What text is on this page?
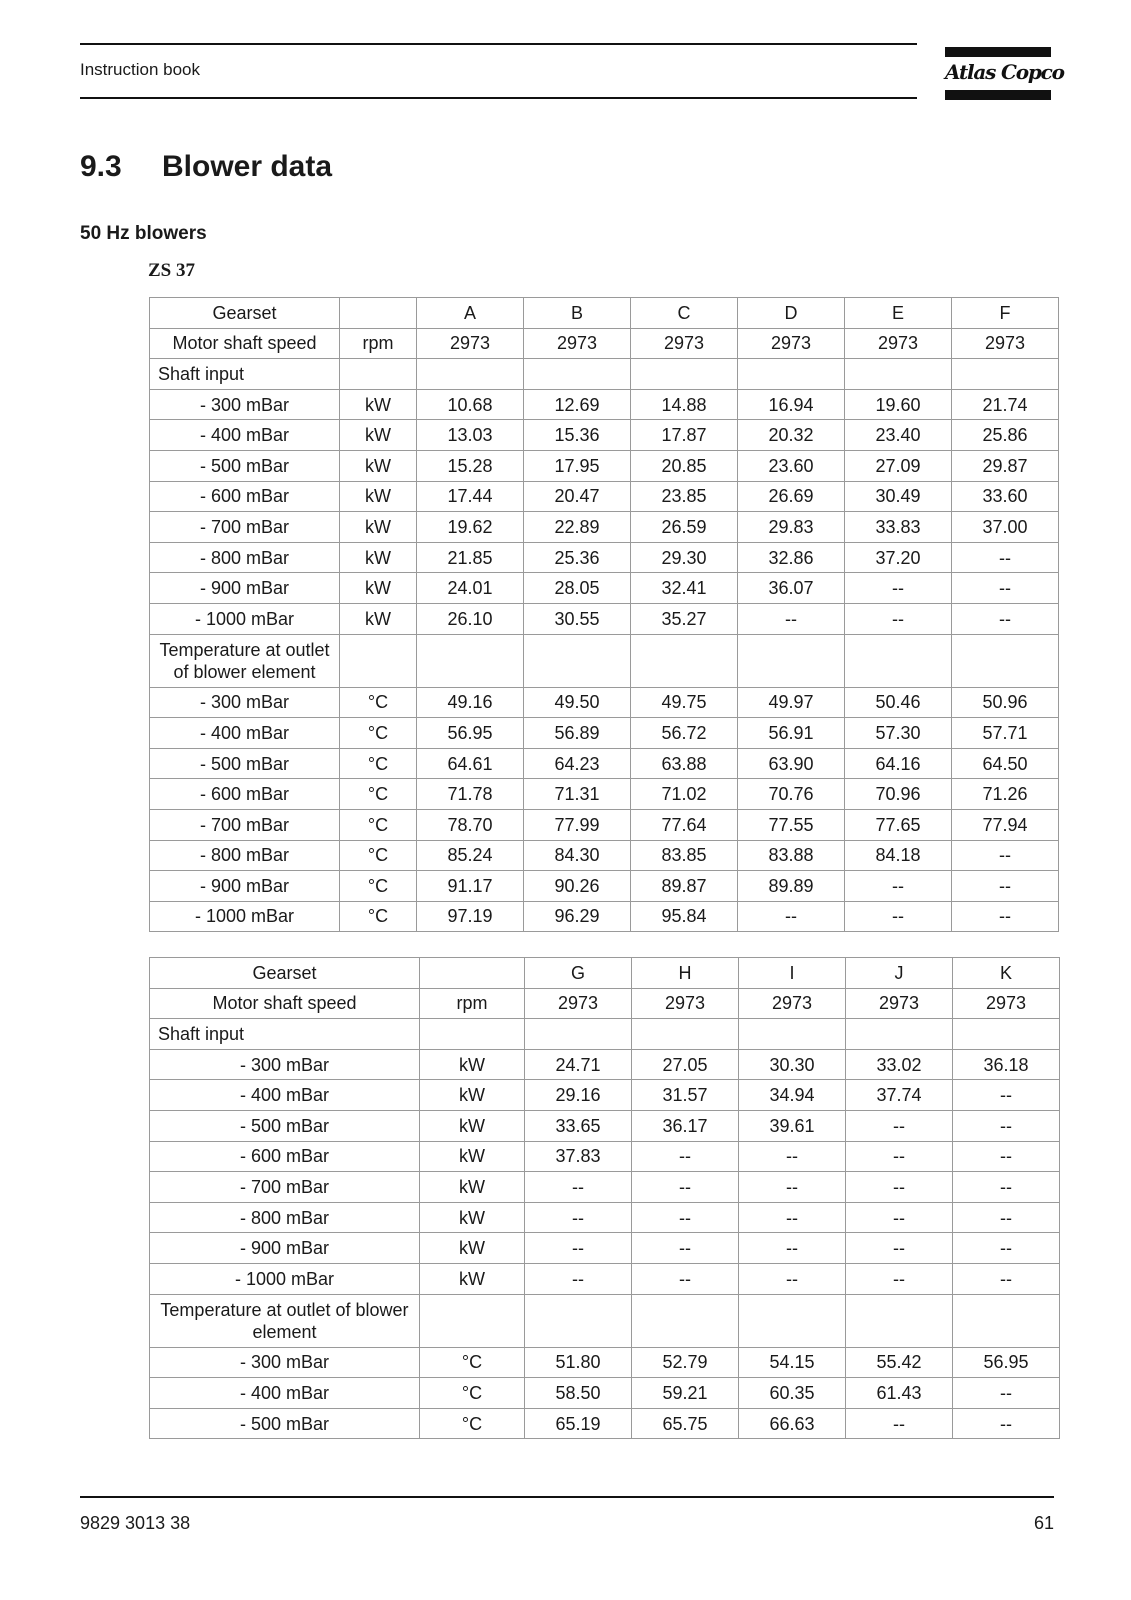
Instruction book	Atlas Copco
9.3 Blower data
50 Hz blowers
ZS 37
Gearset		A	B	C	D	E	F
Motor shaft speed	rpm	2973	2973	2973	2973	2973	2973
Shaft input							
- 300 mBar	kW	10.68	12.69	14.88	16.94	19.60	21.74
- 400 mBar	kW	13.03	15.36	17.87	20.32	23.40	25.86
- 500 mBar	kW	15.28	17.95	20.85	23.60	27.09	29.87
- 600 mBar	kW	17.44	20.47	23.85	26.69	30.49	33.60
- 700 mBar	kW	19.62	22.89	26.59	29.83	33.83	37.00
- 800 mBar	kW	21.85	25.36	29.30	32.86	37.20	--
- 900 mBar	kW	24.01	28.05	32.41	36.07	--	--
- 1000 mBar	kW	26.10	30.55	35.27	--	--	--
Temperature at outlet of blower element							
- 300 mBar	°C	49.16	49.50	49.75	49.97	50.46	50.96
- 400 mBar	°C	56.95	56.89	56.72	56.91	57.30	57.71
- 500 mBar	°C	64.61	64.23	63.88	63.90	64.16	64.50
- 600 mBar	°C	71.78	71.31	71.02	70.76	70.96	71.26
- 700 mBar	°C	78.70	77.99	77.64	77.55	77.65	77.94
- 800 mBar	°C	85.24	84.30	83.85	83.88	84.18	--
- 900 mBar	°C	91.17	90.26	89.87	89.89	--	--
- 1000 mBar	°C	97.19	96.29	95.84	--	--	--
Gearset		G	H	I	J	K
Motor shaft speed	rpm	2973	2973	2973	2973	2973
Shaft input						
- 300 mBar	kW	24.71	27.05	30.30	33.02	36.18
- 400 mBar	kW	29.16	31.57	34.94	37.74	--
- 500 mBar	kW	33.65	36.17	39.61	--	--
- 600 mBar	kW	37.83	--	--	--	--
- 700 mBar	kW	--	--	--	--	--
- 800 mBar	kW	--	--	--	--	--
- 900 mBar	kW	--	--	--	--	--
- 1000 mBar	kW	--	--	--	--	--
Temperature at outlet of blower element						
- 300 mBar	°C	51.80	52.79	54.15	55.42	56.95
- 400 mBar	°C	58.50	59.21	60.35	61.43	--
- 500 mBar	°C	65.19	65.75	66.63	--	--
9829 3013 38	61
